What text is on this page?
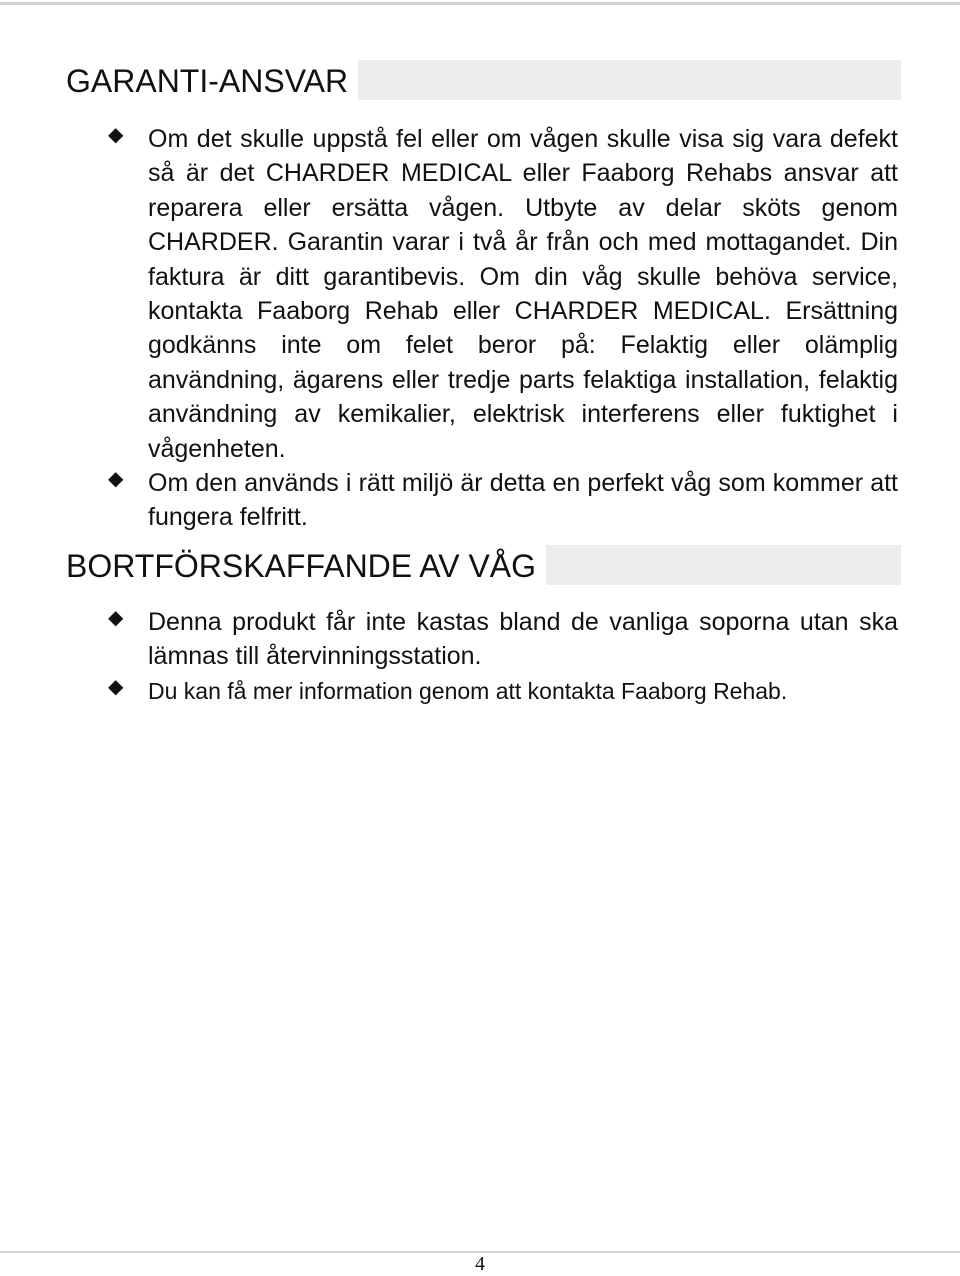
GARANTI-ANSVAR
◆ Om det skulle uppstå fel eller om vågen skulle visa sig vara defekt så är det CHARDER MEDICAL eller Faaborg Rehabs ansvar att reparera eller ersätta vågen. Utbyte av delar sköts genom CHARDER. Garantin varar i två år från och med mottagandet. Din faktura är ditt garantibevis. Om din våg skulle behöva service, kontakta Faaborg Rehab eller CHARDER MEDICAL. Ersättning godkänns inte om felet beror på: Felaktig eller olämplig användning, ägarens eller tredje parts felaktiga installation, felaktig användning av kemikalier, elektrisk interferens eller fuktighet i vågenheten.
◆ Om den används i rätt miljö är detta en perfekt våg som kommer att fungera felfritt.
BORTFÖRSKAFFANDE AV VÅG
◆ Denna produkt får inte kastas bland de vanliga soporna utan ska lämnas till återvinningsstation.
◆ Du kan få mer information genom att kontakta Faaborg Rehab.
4
